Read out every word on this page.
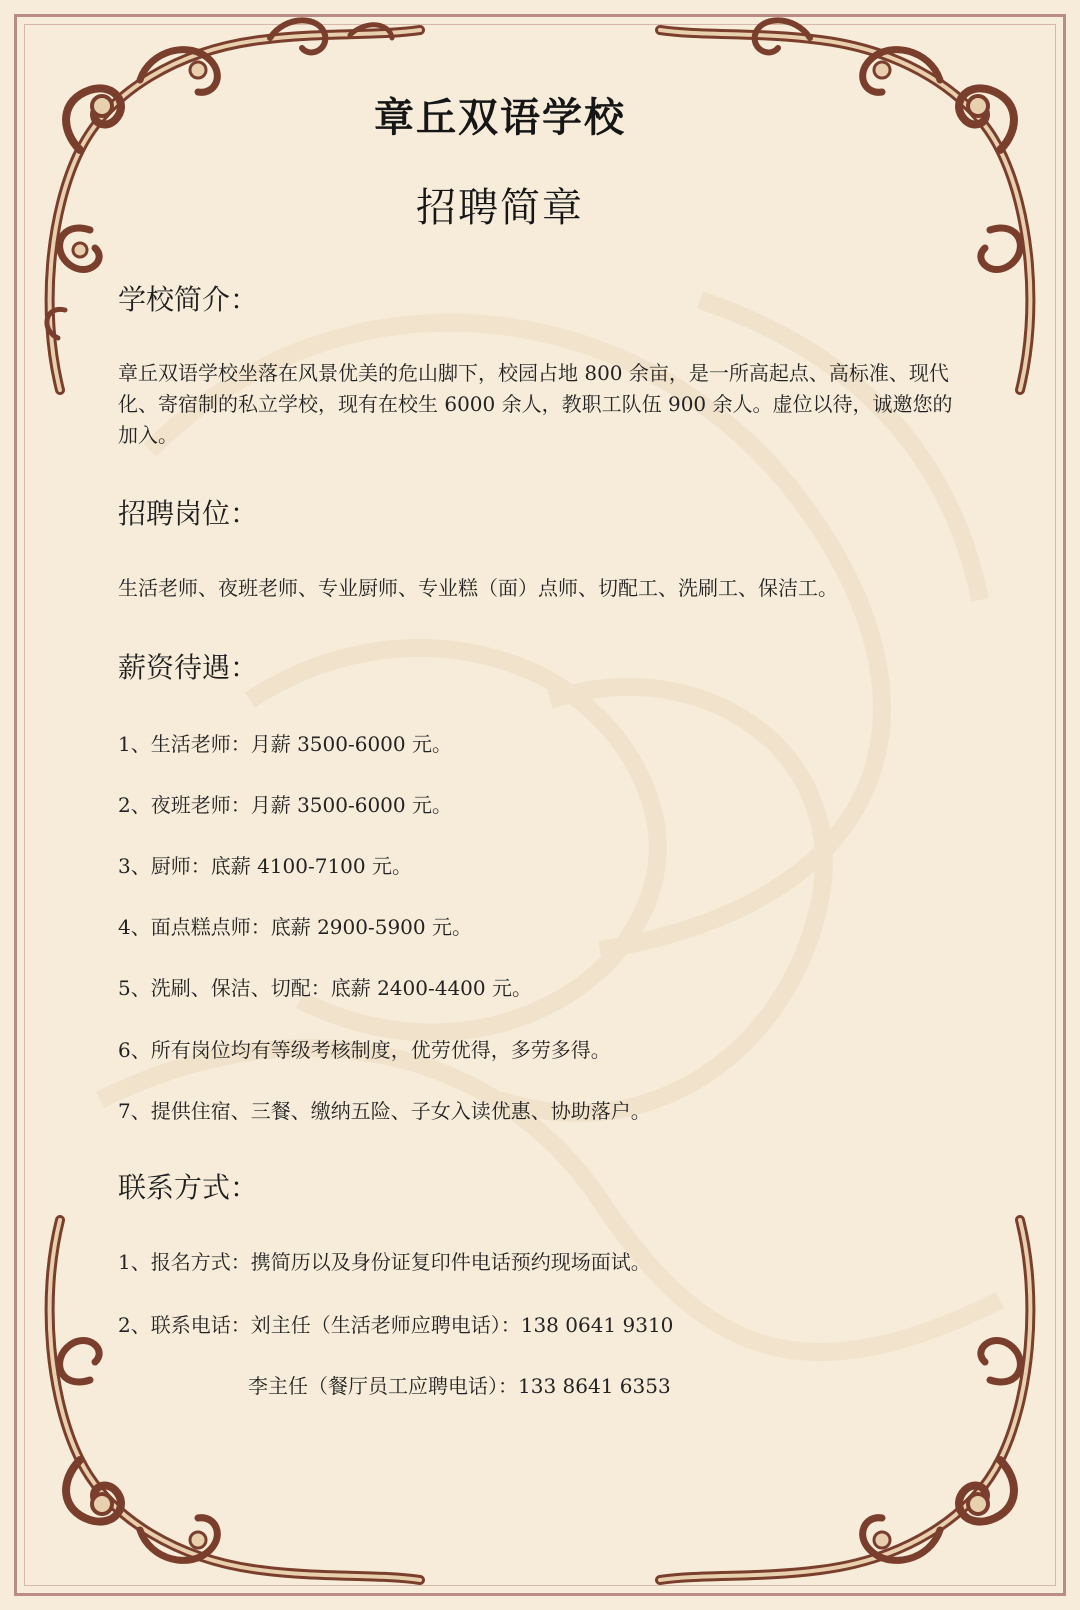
章丘双语学校
招聘简章
学校简介：
章丘双语学校坐落在风景优美的危山脚下，校园占地 800 余亩，是一所高起点、高标准、现代化、寄宿制的私立学校，现有在校生 6000 余人，教职工队伍 900 余人。虚位以待，诚邀您的加入。
招聘岗位：
生活老师、夜班老师、专业厨师、专业糕（面）点师、切配工、洗刷工、保洁工。
薪资待遇：
1、生活老师：月薪 3500-6000 元。
2、夜班老师：月薪 3500-6000 元。
3、厨师：底薪 4100-7100 元。
4、面点糕点师：底薪 2900-5900 元。
5、洗刷、保洁、切配：底薪 2400-4400 元。
6、所有岗位均有等级考核制度，优劳优得，多劳多得。
7、提供住宿、三餐、缴纳五险、子女入读优惠、协助落户。
联系方式：
1、报名方式：携简历以及身份证复印件电话预约现场面试。
2、联系电话：刘主任（生活老师应聘电话）：138 0641 9310
李主任（餐厅员工应聘电话）：133 8641 6353
